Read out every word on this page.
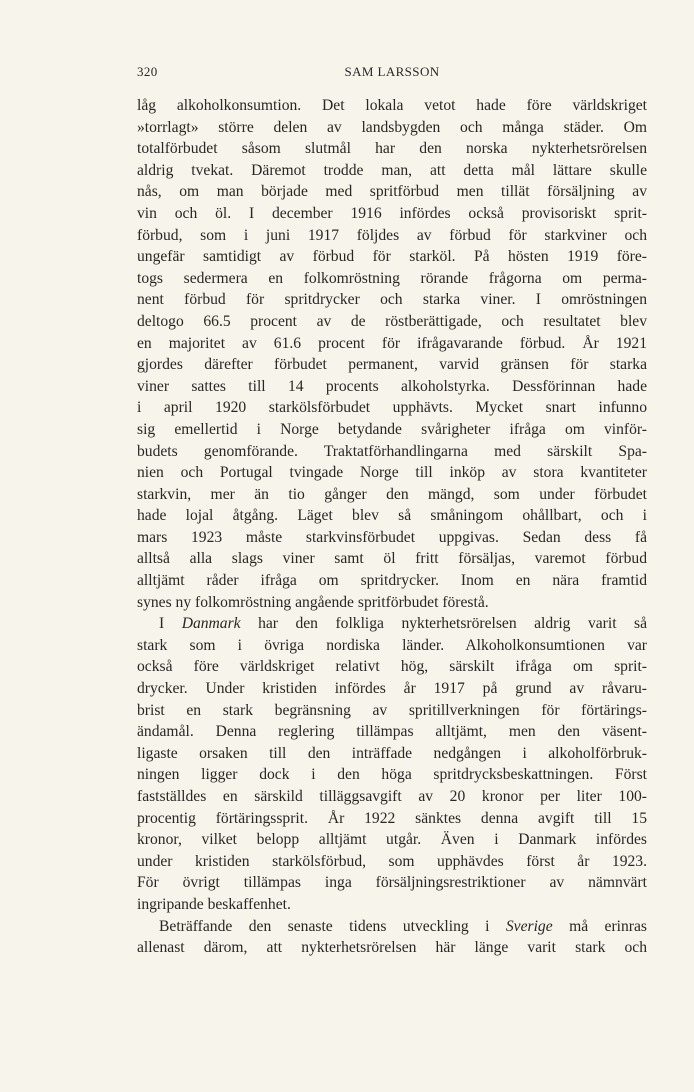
320	SAM LARSSON
låg alkoholkonsumtion. Det lokala vetot hade före världskriget
»torrlagt» större delen av landsbygden och många städer. Om
totalförbudet såsom slutmål har den norska nykterhetsrörelsen
aldrig tvekat. Däremot trodde man, att detta mål lättare skulle
nås, om man började med spritförbud men tillät försäljning av
vin och öl. I december 1916 infördes också provisoriskt sprit-
förbud, som i juni 1917 följdes av förbud för starkviner och
ungefär samtidigt av förbud för starköl. På hösten 1919 före-
togs sedermera en folkomröstning rörande frågorna om perma-
nent förbud för spritdrycker och starka viner. I omröstningen
deltogo 66.5 procent av de röstberättigade, och resultatet blev
en majoritet av 61.6 procent för ifrågavarande förbud. År 1921
gjordes därefter förbudet permanent, varvid gränsen för starka
viner sattes till 14 procents alkoholstyrka. Dessförinnan hade
i april 1920 starkölsförbudet upphävts. Mycket snart infunno
sig emellertid i Norge betydande svårigheter ifråga om vinför-
budets genomförande. Traktatförhandlingarna med särskilt Spa-
nien och Portugal tvingade Norge till inköp av stora kvantiteter
starkvin, mer än tio gånger den mängd, som under förbudet
hade lojal åtgång. Läget blev så småningom ohållbart, och i
mars 1923 måste starkvinsförbudet uppgivas. Sedan dess få
alltså alla slags viner samt öl fritt försäljas, varemot förbud
alltjämt råder ifråga om spritdrycker. Inom en nära framtid
synes ny folkomröstning angående spritförbudet förestå.
I Danmark har den folkliga nykterhetsrörelsen aldrig varit så
stark som i övriga nordiska länder. Alkoholkonsumtionen var
också före världskriget relativt hög, särskilt ifråga om sprit-
drycker. Under kristiden infördes år 1917 på grund av råvaru-
brist en stark begränsning av spritillverkningen för förtärings-
ändamål. Denna reglering tillämpas alltjämt, men den väsent-
ligaste orsaken till den inträffade nedgången i alkoholförbruk-
ningen ligger dock i den höga spritdrycksbeskattningen. Först
fastställdes en särskild tilläggsavgift av 20 kronor per liter 100-
procentig förtäringssprit. År 1922 sänktes denna avgift till 15
kronor, vilket belopp alltjämt utgår. Även i Danmark infördes
under kristiden starkölsförbud, som upphävdes först år 1923.
För övrigt tillämpas inga försäljningsrestriktioner av nämnvärt
ingripande beskaffenhet.
Beträffande den senaste tidens utveckling i Sverige må erinras
allenast därom, att nykterhetsrörelsen här länge varit stark och
